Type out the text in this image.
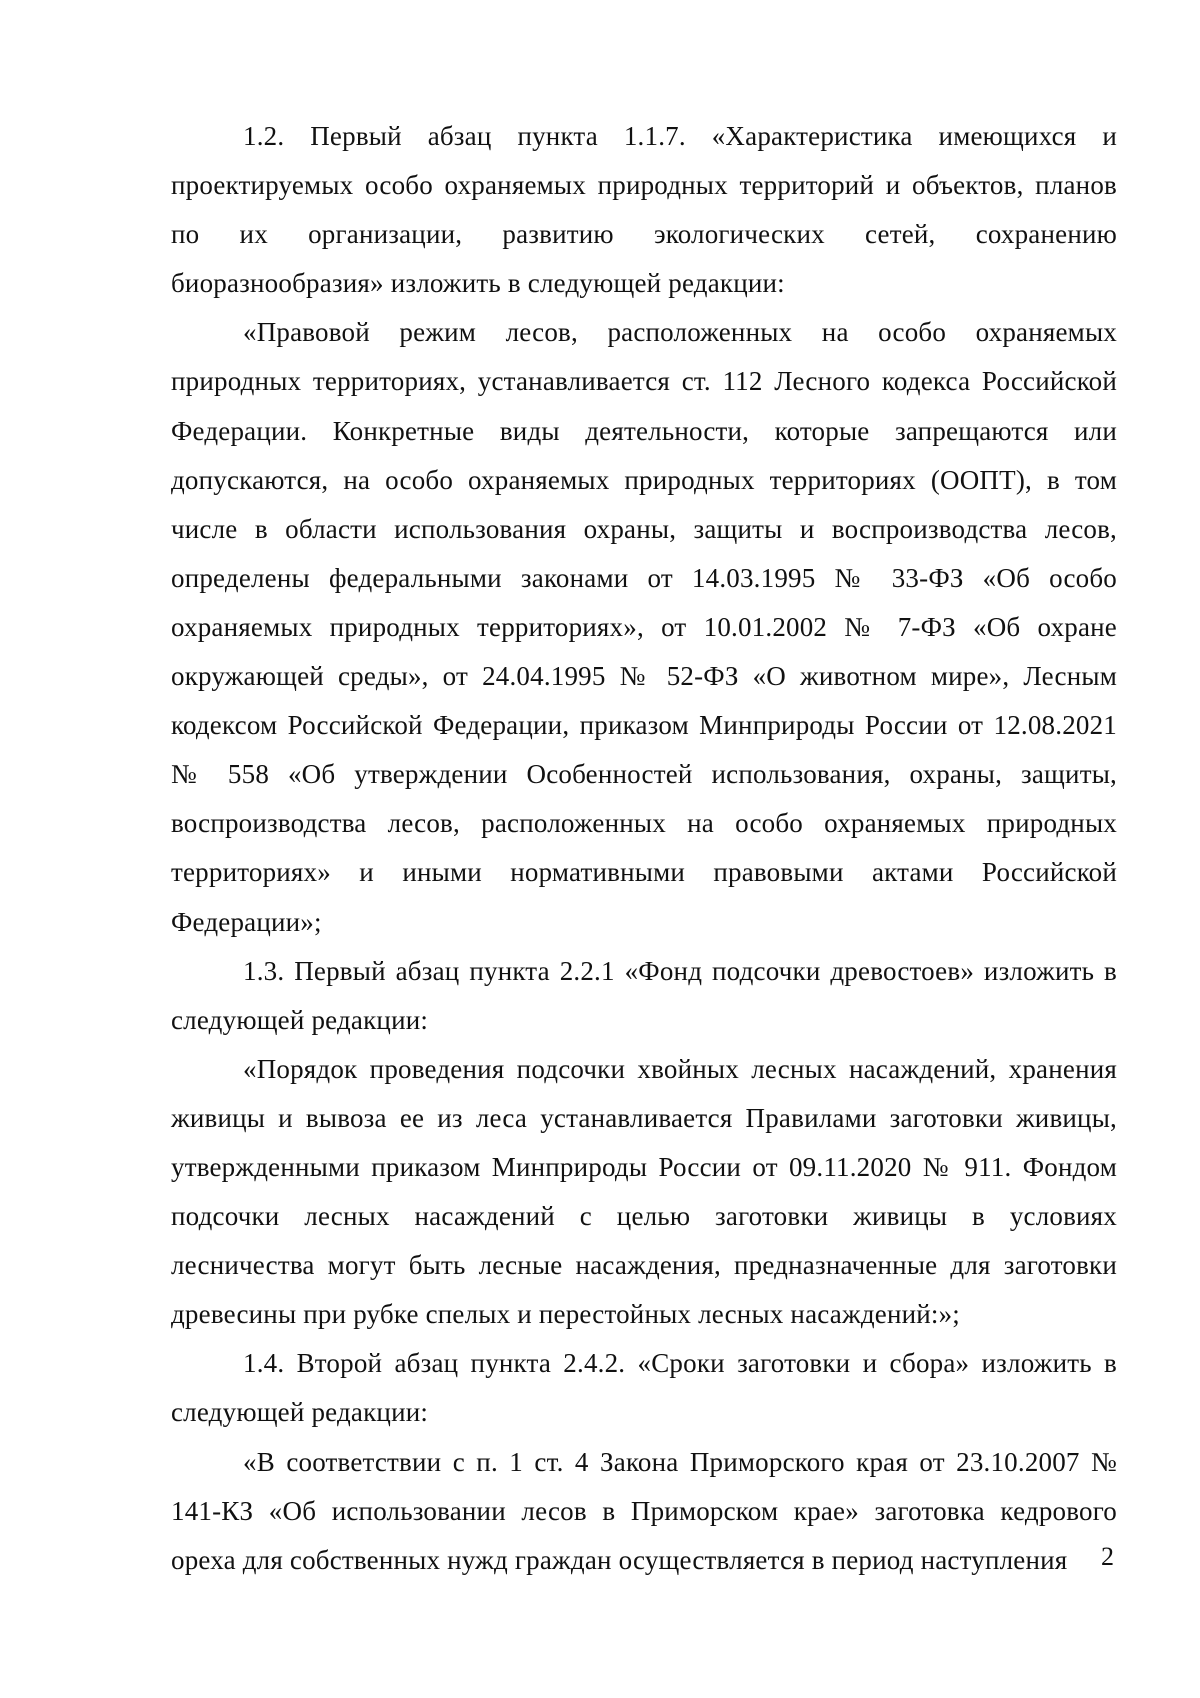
1.2. Первый абзац пункта 1.1.7. «Характеристика имеющихся и проектируемых особо охраняемых природных территорий и объектов, планов по их организации, развитию экологических сетей, сохранению биоразнообразия» изложить в следующей редакции:

«Правовой режим лесов, расположенных на особо охраняемых природных территориях, устанавливается ст. 112 Лесного кодекса Российской Федерации. Конкретные виды деятельности, которые запрещаются или допускаются, на особо охраняемых природных территориях (ООПТ), в том числе в области использования охраны, защиты и воспроизводства лесов, определены федеральными законами от 14.03.1995 № 33-ФЗ «Об особо охраняемых природных территориях», от 10.01.2002 № 7-ФЗ «Об охране окружающей среды», от 24.04.1995 № 52-ФЗ «О животном мире», Лесным кодексом Российской Федерации, приказом Минприроды России от 12.08.2021 № 558 «Об утверждении Особенностей использования, охраны, защиты, воспроизводства лесов, расположенных на особо охраняемых природных территориях» и иными нормативными правовыми актами Российской Федерации»;

1.3. Первый абзац пункта 2.2.1 «Фонд подсочки древостоев» изложить в следующей редакции:

«Порядок проведения подсочки хвойных лесных насаждений, хранения живицы и вывоза ее из леса устанавливается Правилами заготовки живицы, утвержденными приказом Минприроды России от 09.11.2020 № 911. Фондом подсочки лесных насаждений с целью заготовки живицы в условиях лесничества могут быть лесные насаждения, предназначенные для заготовки древесины при рубке спелых и перестойных лесных насаждений:»;

1.4. Второй абзац пункта 2.4.2. «Сроки заготовки и сбора» изложить в следующей редакции:

«В соответствии с п. 1 ст. 4 Закона Приморского края от 23.10.2007 № 141-КЗ «Об использовании лесов в Приморском крае» заготовка кедрового ореха для собственных нужд граждан осуществляется в период наступления	2
